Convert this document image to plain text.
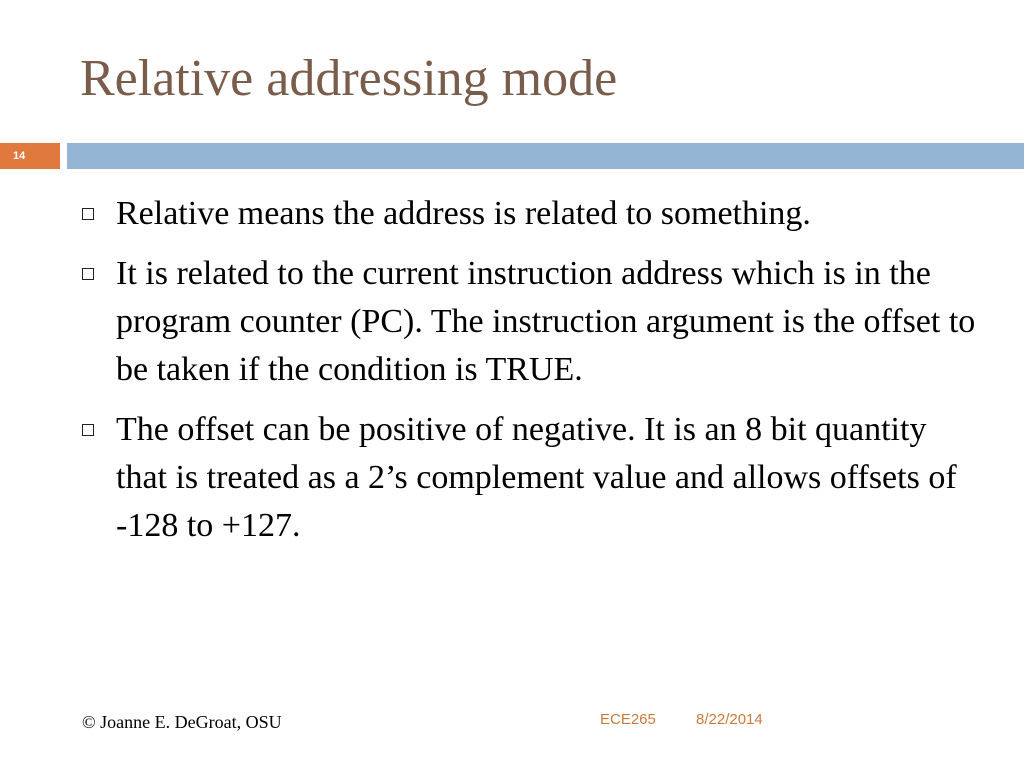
Relative addressing mode
14
Relative means the address is related to something.
It is related to the current instruction address which is in the program counter (PC). The instruction argument is the offset to be taken if the condition is TRUE.
The offset can be positive of negative. It is an 8 bit quantity that is treated as a 2’s complement value and allows offsets of -128 to +127.
© Joanne E. DeGroat, OSU	ECE265	8/22/2014
